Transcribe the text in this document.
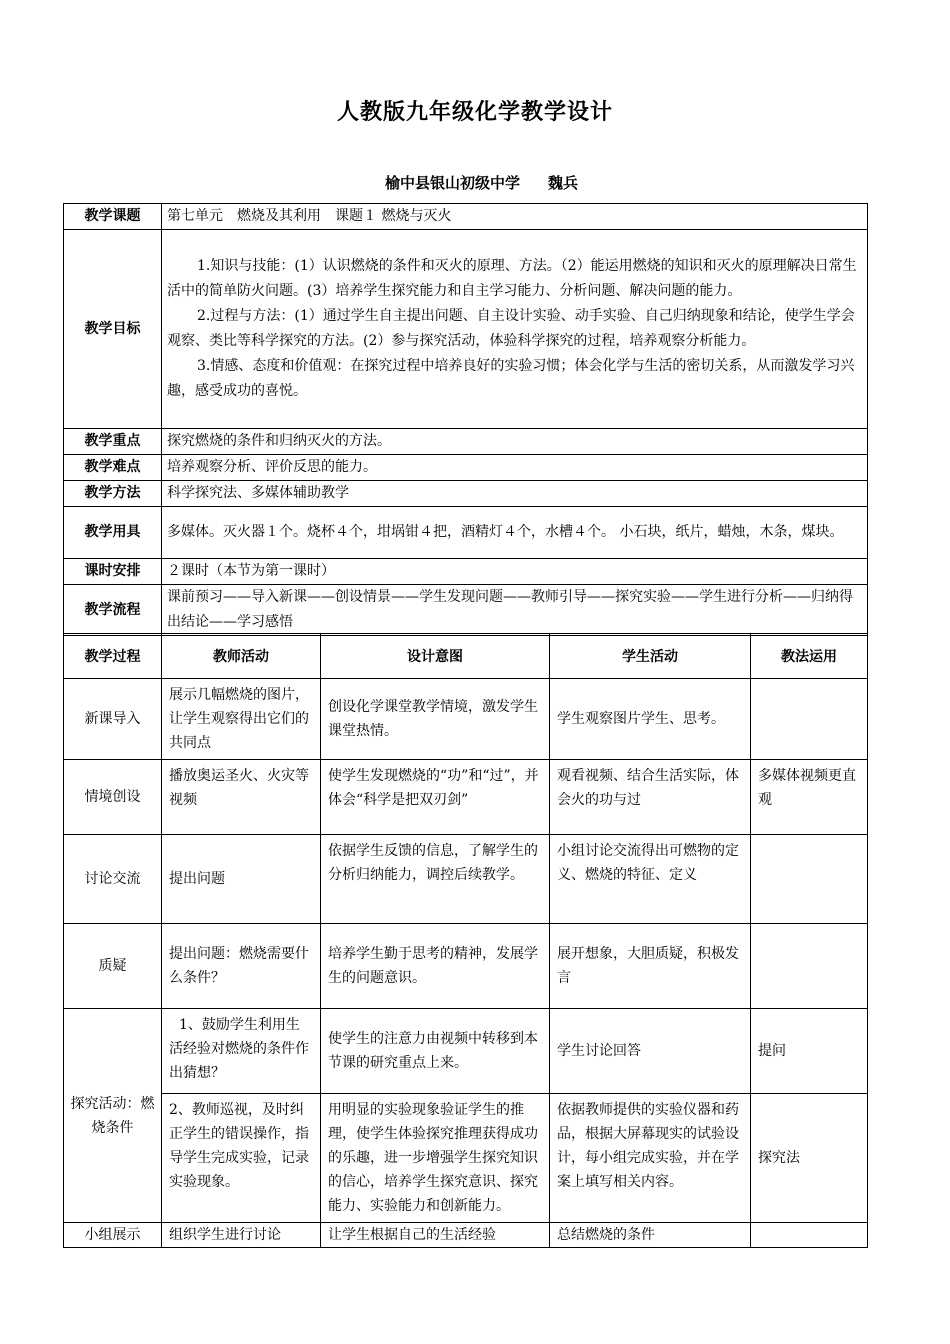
人教版九年级化学教学设计
榆中县银山初级中学 魏兵
教学课题	第七单元　燃烧及其利用　课题１ 燃烧与灭火
教学目标	1.知识与技能：(1）认识燃烧的条件和灭火的原理、方法。（2）能运用燃烧的知识和灭火的原理解决日常生活中的简单防火问题。(3）培养学生探究能力和自主学习能力、分析问题、解决问题的能力。
2.过程与方法：(1）通过学生自主提出问题、自主设计实验、动手实验、自己归纳现象和结论，使学生学会观察、类比等科学探究的方法。(2）参与探究活动，体验科学探究的过程，培养观察分析能力。
3.情感、态度和价值观：在探究过程中培养良好的实验习惯；体会化学与生活的密切关系，从而激发学习兴趣，感受成功的喜悦。

教学重点	探究燃烧的条件和归纳灭火的方法。
教学难点	培养观察分析、评价反思的能力。
教学方法	科学探究法、多媒体辅助教学
教学用具	多媒体。灭火器１个。烧杯４个，坩埚钳４把，酒精灯４个，水槽４个。 小石块，纸片，蜡烛，木条，煤块。
课时安排	２课时（本节为第一课时）
教学流程	课前预习——导入新课——创设情景——学生发现问题——教师引导——探究实验——学生进行分析——归纳得出结论——学习感悟
教学过程	教师活动	设计意图	学生活动	教法运用
新课导入	展示几幅燃烧的图片，让学生观察得出它们的共同点	创设化学课堂教学情境，激发学生课堂热情。	学生观察图片学生、思考。	
情境创设	播放奥运圣火、火灾等视频	使学生发现燃烧的“功”和“过”，并体会“科学是把双刃剑”	观看视频、结合生活实际，体会火的功与过	多媒体视频更直观
讨论交流	提出问题	依据学生反馈的信息，了解学生的分析归纳能力，调控后续教学。	小组讨论交流得出可燃物的定义、燃烧的特征、定义	
质疑	提出问题：燃烧需要什么条件？	培养学生勤于思考的精神，发展学生的问题意识。	展开想象，大胆质疑，积极发言	
探究活动：燃烧条件	1、鼓励学生利用生活经验对燃烧的条件作出猜想？	使学生的注意力由视频中转移到本节课的研究重点上来。	学生讨论回答	提问
	2、教师巡视，及时纠正学生的错误操作，指导学生完成实验，记录实验现象。	用明显的实验现象验证学生的推理，使学生体验探究推理获得成功的乐趣，进一步增强学生探究知识的信心，培养学生探究意识、探究能力、实验能力和创新能力。	依据教师提供的实验仪器和药品，根据大屏幕现实的试验设计，每小组完成实验，并在学案上填写相关内容。	探究法
小组展示	组织学生进行讨论	让学生根据自己的生活经验	总结燃烧的条件	
